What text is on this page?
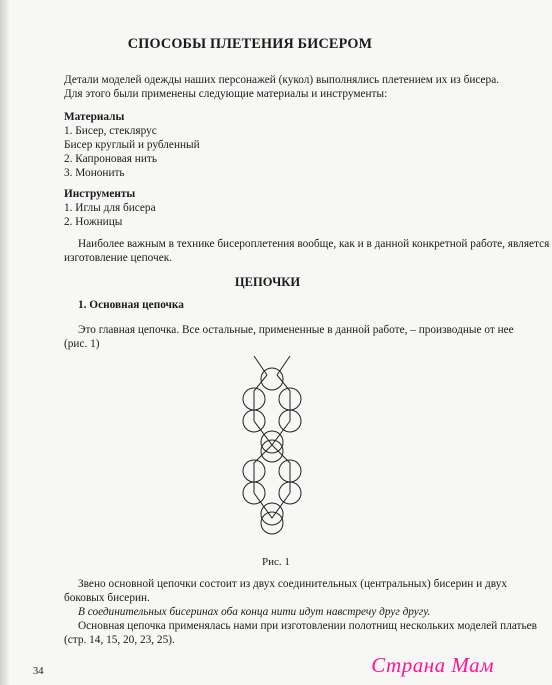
СПОСОБЫ ПЛЕТЕНИЯ БИСЕРОМ
Детали моделей одежды наших персонажей (кукол) выполнялись плетением их из бисера.
Для этого были применены следующие материалы и инструменты:
Материалы
1. Бисер, стеклярус
Бисер круглый и рубленный
2. Капроновая нить
3. Мононить
Инструменты
1. Иглы для бисера
2. Ножницы
Наиболее важным в технике бисероплетения вообще, как и в данной конкретной работе, является
изготовление цепочек.
ЦЕПОЧКИ
1. Основная цепочка
Это главная цепочка. Все остальные, примененные в данной работе, – производные от нее
(рис. 1)
Рис. 1
Звено основной цепочки состоит из двух соединительных (центральных) бисерин и двух
боковых бисерин.
В соединительных бисеринах оба конца нити идут навстречу друг другу.
Основная цепочка применялась нами при изготовлении полотнищ нескольких моделей платьев
(стр. 14, 15, 20, 23, 25).
34	Страна Мам
